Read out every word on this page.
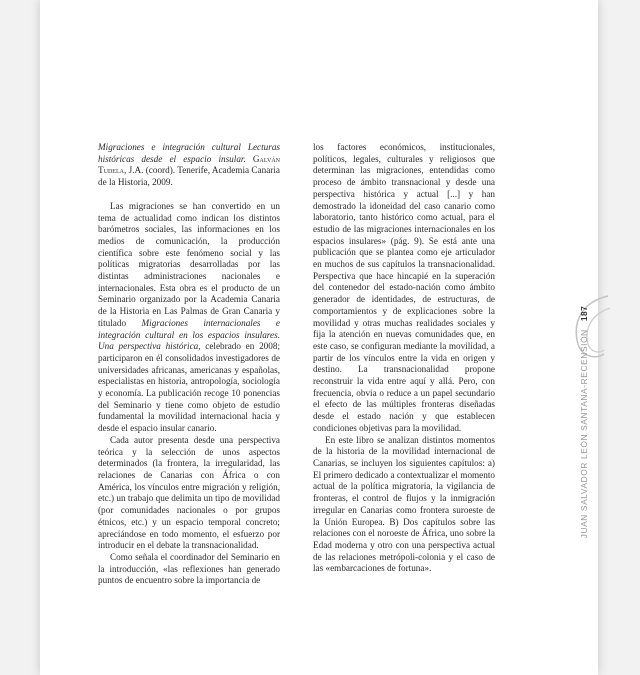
Migraciones e integración cultural Lecturas históricas desde el espacio insular. Galván Tudela, J.A. (coord). Tenerife, Academia Canaria de la Historia, 2009.

Las migraciones se han convertido en un tema de actualidad como indican los distintos barómetros sociales, las informaciones en los medios de comunicación, la producción científica sobre este fenómeno social y las políticas migratorias desarrolladas por las distintas administraciones nacionales e internacionales. Esta obra es el producto de un Seminario organizado por la Academia Canaria de la Historia en Las Palmas de Gran Canaria y titulado Migraciones internacionales e integración cultural en los espacios insulares. Una perspectiva histórica, celebrado en 2008; participaron en él consolidados investigadores de universidades africanas, americanas y españolas, especialistas en historia, antropología, sociología y economía. La publicación recoge 10 ponencias del Seminario y tiene como objeto de estudio fundamental la movilidad internacional hacia y desde el espacio insular canario.

Cada autor presenta desde una perspectiva teórica y la selección de unos aspectos determinados (la frontera, la irregularidad, las relaciones de Canarias con África o con América, los vínculos entre migración y religión, etc.) un trabajo que delimita un tipo de movilidad (por comunidades nacionales o por grupos étnicos, etc.) y un espacio temporal concreto; apreciándose en todo momento, el esfuerzo por introducir en el debate la transnacionalidad.

Como señala el coordinador del Seminario en la introducción, «las reflexiones han generado puntos de encuentro sobre la importancia de

los factores económicos, institucionales, políticos, legales, culturales y religiosos que determinan las migraciones, entendidas como proceso de ámbito transnacional y desde una perspectiva histórica y actual [...] y han demostrado la idoneidad del caso canario como laboratorio, tanto histórico como actual, para el estudio de las migraciones internacionales en los espacios insulares» (pág. 9). Se está ante una publicación que se plantea como eje articulador en muchos de sus capítulos la transnacionalidad. Perspectiva que hace hincapié en la superación del contenedor del estado-nación como ámbito generador de identidades, de estructuras, de comportamientos y de explicaciones sobre la movilidad y otras muchas realidades sociales y fija la atención en nuevas comunidades que, en este caso, se configuran mediante la movilidad, a partir de los vínculos entre la vida en origen y destino. La transnacionalidad propone reconstruir la vida entre aquí y allá. Pero, con frecuencia, obvia o reduce a un papel secundario el efecto de las múltiples fronteras diseñadas desde el estado nación y que establecen condiciones objetivas para la movilidad.

En este libro se analizan distintos momentos de la historia de la movilidad internacional de Canarias, se incluyen los siguientes capítulos: a) El primero dedicado a contextualizar el momento actual de la política migratoria, la vigilancia de fronteras, el control de flujos y la inmigración irregular en Canarias como frontera suroeste de la Unión Europea. B) Dos capítulos sobre las relaciones con el noroeste de África, uno sobre la Edad moderna y otro con una perspectiva actual de las relaciones metrópoli-colonia y el caso de las «embarcaciones de fortuna».

JUAN SALVADOR LEÓN SANTANA-RECENSIÓN187
